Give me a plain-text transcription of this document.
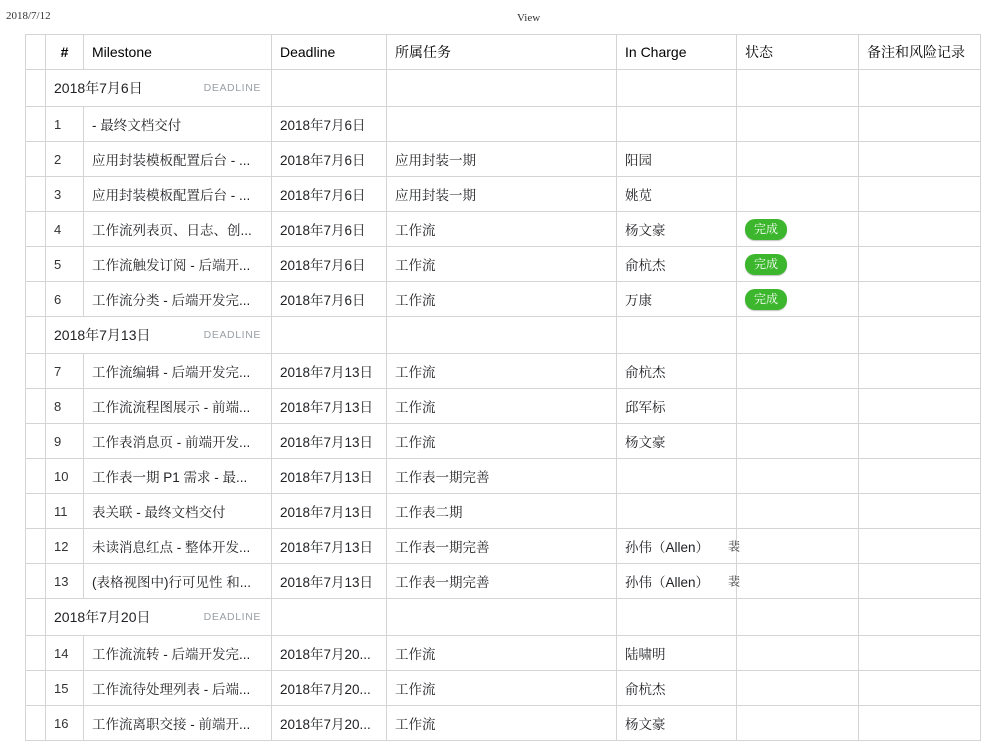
2018/7/12	View
	#	Milestone	Deadline	所属任务	In Charge	状态	备注和风险记录
	2018年7月6日 DEADLINE						

	1	- 最终文档交付	2018年7月6日				
	2	应用封装模板配置后台 - ...	2018年7月6日	应用封装一期	阳园		
	3	应用封装模板配置后台 - ...	2018年7月6日	应用封装一期	姚苋		
	4	工作流列表页、日志、创...	2018年7月6日	工作流	杨文豪	完成	
	5	工作流触发订阅 - 后端开...	2018年7月6日	工作流	俞杭杰	完成	
	6	工作流分类 - 后端开发完...	2018年7月6日	工作流	万康	完成	
	2018年7月13日 DEADLINE						

	7	工作流编辑 - 后端开发完...	2018年7月13日	工作流	俞杭杰		
	8	工作流流程图展示 - 前端...	2018年7月13日	工作流	邱军标		
	9	工作表消息页 - 前端开发...	2018年7月13日	工作流	杨文豪		
	10	工作表一期 P1 需求 - 最...	2018年7月13日	工作表一期完善			
	11	表关联 - 最终文档交付	2018年7月13日	工作表二期			
	12	未读消息红点 - 整体开发...	2018年7月13日	工作表一期完善	孙伟（Allen） 裴		

	13	(表格视图中)行可见性 和...	2018年7月13日	工作表一期完善	孙伟（Allen） 裴		

	2018年7月20日 DEADLINE						

	14	工作流流转 - 后端开发完...	2018年7月20...	工作流	陆啸明		
	15	工作流待处理列表 - 后端...	2018年7月20...	工作流	俞杭杰		
	16	工作流离职交接 - 前端开...	2018年7月20...	工作流	杨文豪		
